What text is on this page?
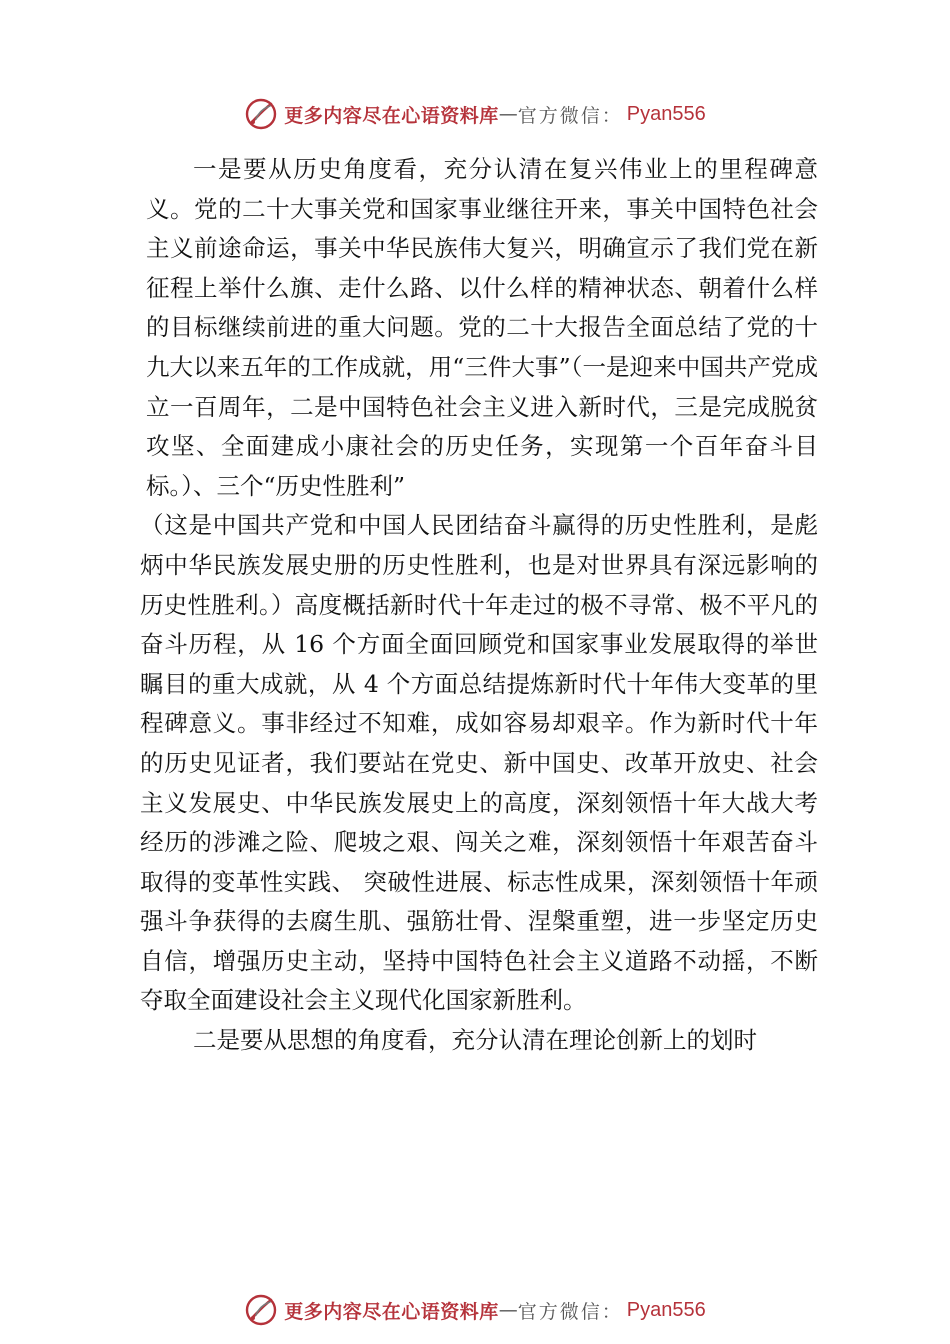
更多内容尽在心语资料库 — 官方微信： Pyan556

一是要从历史角度看，充分认清在复兴伟业上的里程碑意义。党的二十大事关党和国家事业继往开来，事关中国特色社会主义前途命运，事关中华民族伟大复兴，明确宣示了我们党在新征程上举什么旗、走什么路、以什么样的精神状态、朝着什么样的目标继续前进的重大问题。党的二十大报告全面总结了党的十九大以来五年的工作成就，用“三件大事”（一是迎来中国共产党成立一百周年，二是中国特色社会主义进入新时代，三是完成脱贫攻坚、全面建成小康社会的历史任务，实现第一个百年奋斗目标。）、三个“历史性胜利”

（这是中国共产党和中国人民团结奋斗赢得的历史性胜利，是彪炳中华民族发展史册的历史性胜利，也是对世界具有深远影响的历史性胜利。）高度概括新时代十年走过的极不寻常、极不平凡的奋斗历程，从 16 个方面全面回顾党和国家事业发展取得的举世瞩目的重大成就，从 4 个方面总结提炼新时代十年伟大变革的里程碑意义。事非经过不知难，成如容易却艰辛。作为新时代十年的历史见证者，我们要站在党史、新中国史、改革开放史、社会主义发展史、中华民族发展史上的高度，深刻领悟十年大战大考经历的涉滩之险、爬坡之艰、闯关之难，深刻领悟十年艰苦奋斗取得的变革性实践、 突破性进展、标志性成果，深刻领悟十年顽强斗争获得的去腐生肌、强筋壮骨、涅槃重塑，进一步坚定历史自信，增强历史主动，坚持中国特色社会主义道路不动摇，不断夺取全面建设社会主义现代化国家新胜利。

二是要从思想的角度看，充分认清在理论创新上的划时

更多内容尽在心语资料库 — 官方微信： Pyan556
